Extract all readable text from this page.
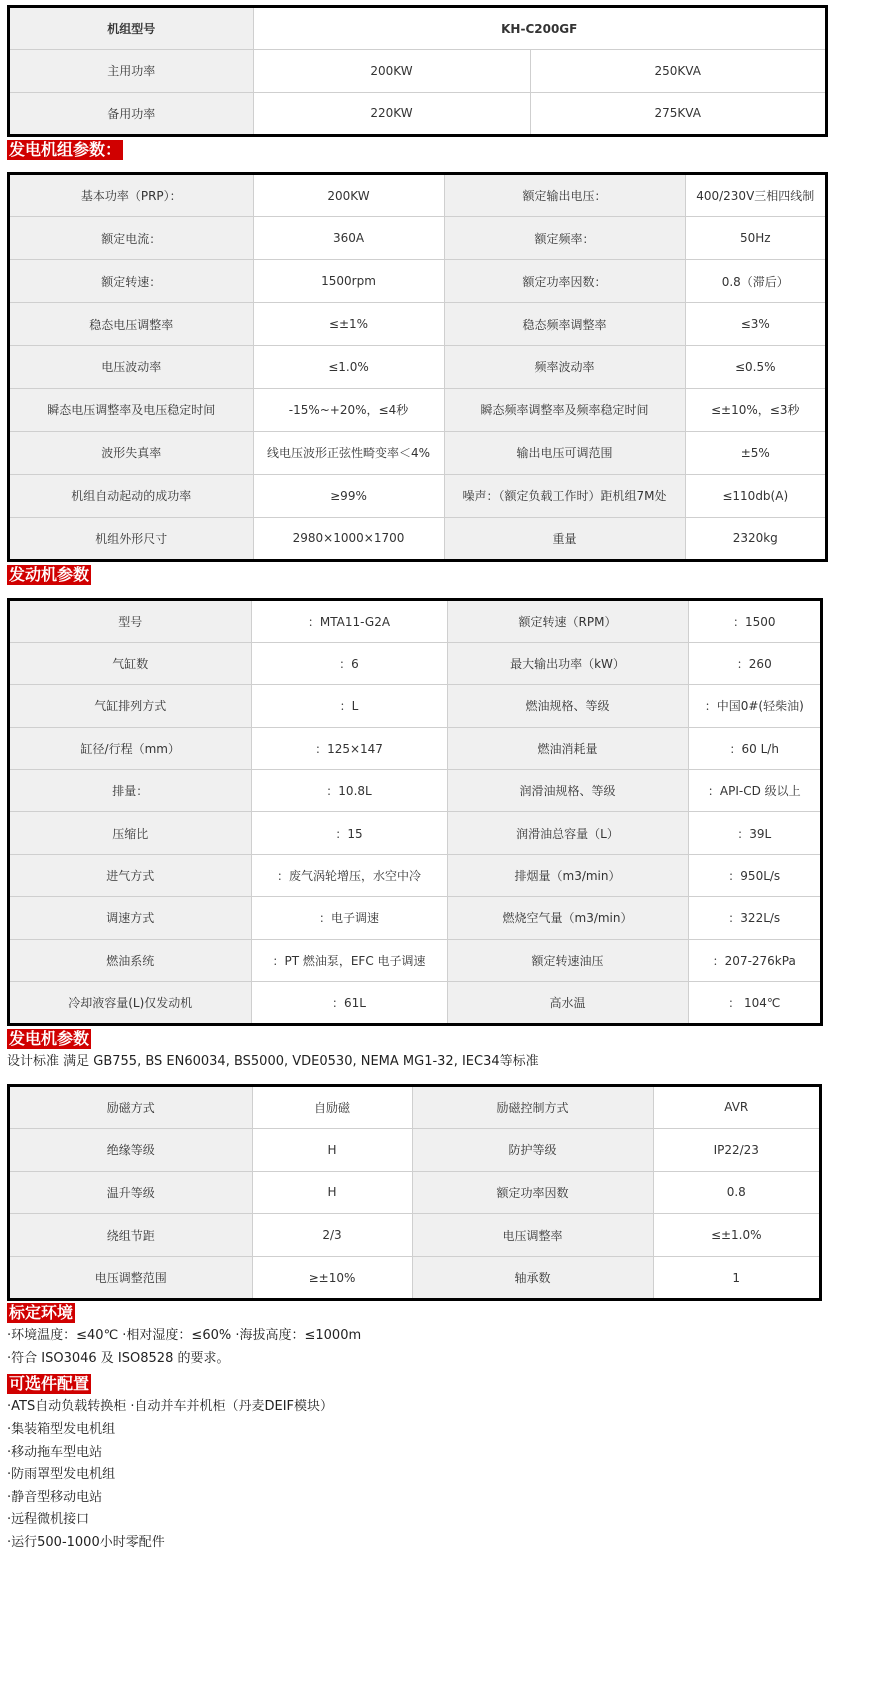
机组型号	KH-C200GF	
主用功率	200KW	250KVA
备用功率	220KW	275KVA
发电机组参数：
基本功率（PRP）：	200KW	额定输出电压：	400/230V三相四线制
额定电流：	360A	额定频率：	50Hz
额定转速：	1500rpm	额定功率因数：	0.8（滞后）
稳态电压调整率	≤±1%	稳态频率调整率	≤3%
电压波动率	≤1.0%	频率波动率	≤0.5%
瞬态电压调整率及电压稳定时间	-15%~+20%，≤4秒	瞬态频率调整率及频率稳定时间	≤±10%，≤3秒
波形失真率	线电压波形正弦性畸变率＜4%	输出电压可调范围	±5%
机组自动起动的成功率	≥99%	噪声：（额定负载工作时）距机组7M处	≤110db(A)
机组外形尺寸	2980×1000×1700	重量	2320kg
发动机参数
型号	：MTA11-G2A	额定转速（RPM）	：1500
气缸数	：6	最大输出功率（kW）	：260
气缸排列方式	：L	燃油规格、等级	：中国0#(轻柴油)
缸径/行程（mm）	：125×147	燃油消耗量	：60 L/h
排量：	：10.8L	润滑油规格、等级	：API-CD 级以上
压缩比	：15	润滑油总容量（L）	：39L
进气方式	：废气涡轮增压，水空中冷	排烟量（m3/min）	：950L/s
调速方式	：电子调速	燃烧空气量（m3/min）	：322L/s
燃油系统	：PT 燃油泵，EFC 电子调速	额定转速油压	：207-276kPa
冷却液容量(L)仅发动机	：61L	高水温	： 104℃
发电机参数
设计标准 满足 GB755, BS EN60034, BS5000, VDE0530, NEMA MG1-32, IEC34等标准
励磁方式	自励磁	励磁控制方式	AVR
绝缘等级	H	防护等级	IP22/23
温升等级	H	额定功率因数	0.8
绕组节距	2/3	电压调整率	≤±1.0%
电压调整范围	≥±10%	轴承数	1
标定环境
·环境温度：≤40℃ ·相对湿度：≤60% ·海拔高度：≤1000m
·符合 ISO3046 及 ISO8528 的要求。
可选件配置
·ATS自动负载转换柜 ·自动并车并机柜（丹麦DEIF模块）
·集装箱型发电机组
·移动拖车型电站
·防雨罩型发电机组
·静音型移动电站
·远程微机接口
·运行500-1000小时零配件
